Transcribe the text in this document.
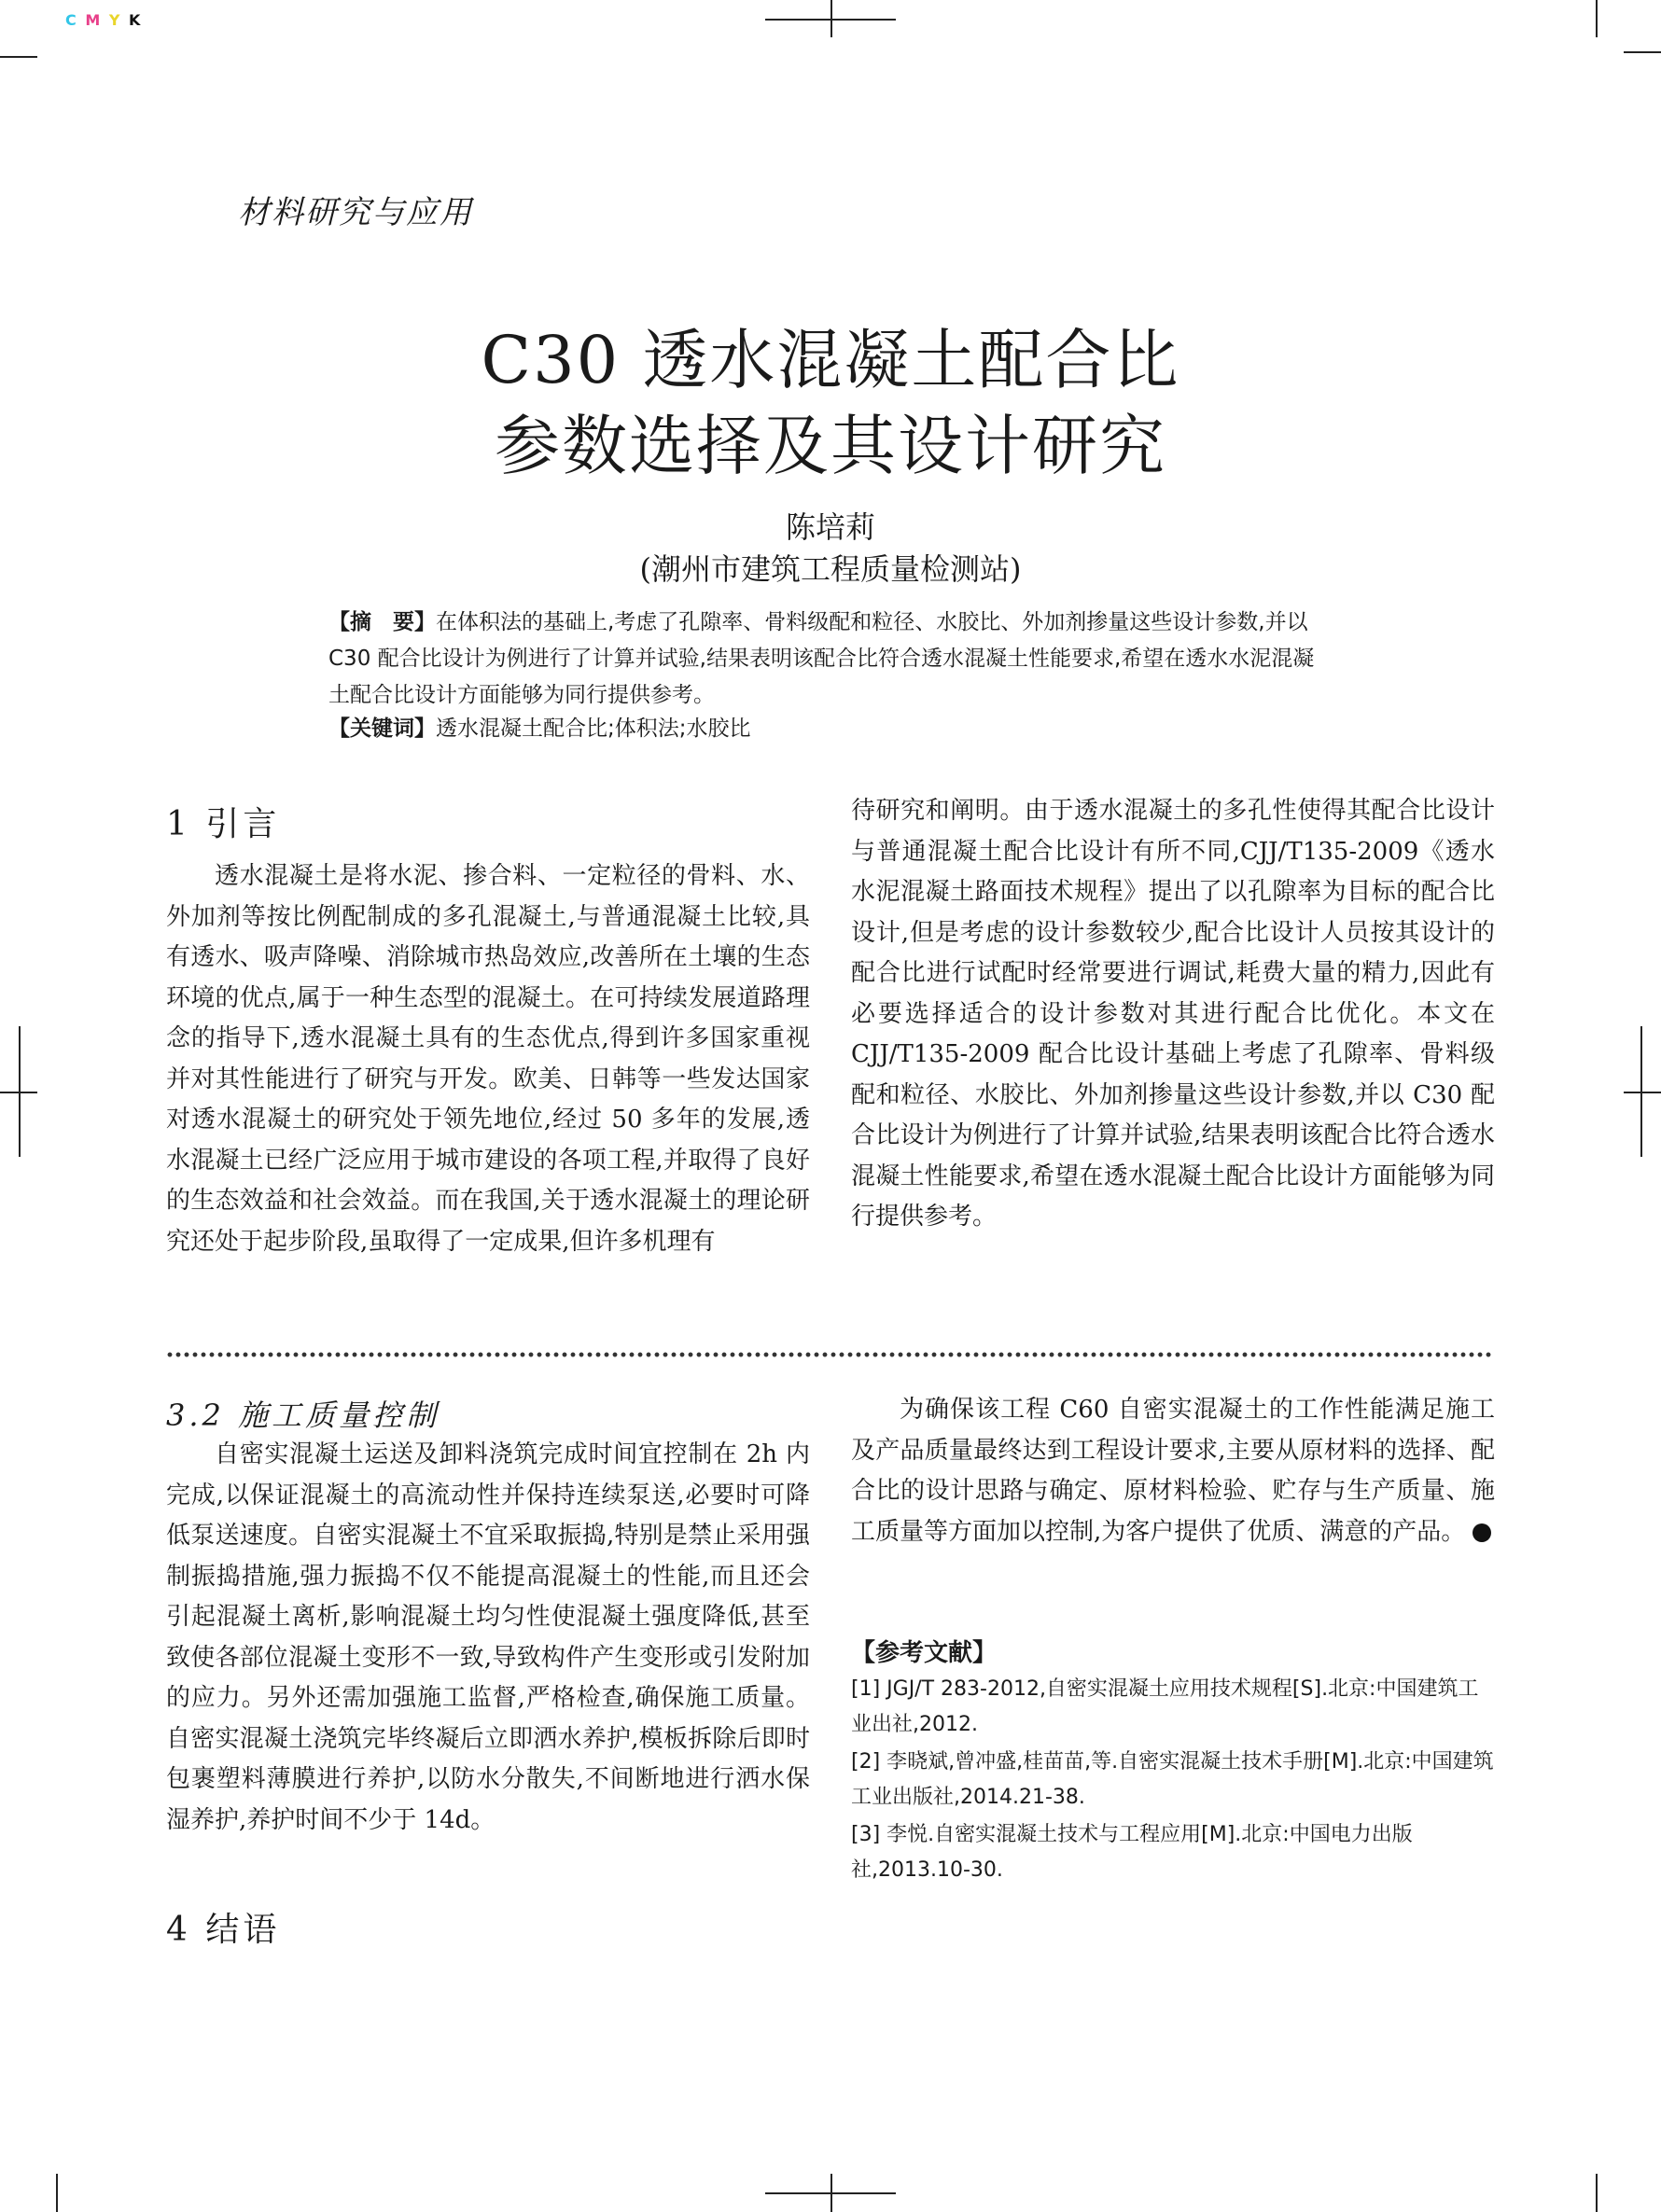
C M Y K
材料研究与应用
C30 透水混凝土配合比
参数选择及其设计研究
陈培莉
(潮州市建筑工程质量检测站)
【摘　要】在体积法的基础上,考虑了孔隙率、骨料级配和粒径、水胶比、外加剂掺量这些设计参数,并以 C30 配合比设计为例进行了计算并试验,结果表明该配合比符合透水混凝土性能要求,希望在透水水泥混凝土配合比设计方面能够为同行提供参考。
【关键词】透水混凝土配合比;体积法;水胶比
1 引言

透水混凝土是将水泥、掺合料、一定粒径的骨料、水、外加剂等按比例配制成的多孔混凝土,与普通混凝土比较,具有透水、吸声降噪、消除城市热岛效应,改善所在土壤的生态环境的优点,属于一种生态型的混凝土。在可持续发展道路理念的指导下,透水混凝土具有的生态优点,得到许多国家重视并对其性能进行了研究与开发。欧美、日韩等一些发达国家对透水混凝土的研究处于领先地位,经过 50 多年的发展,透水混凝土已经广泛应用于城市建设的各项工程,并取得了良好的生态效益和社会效益。而在我国,关于透水混凝土的理论研究还处于起步阶段,虽取得了一定成果,但许多机理有

待研究和阐明。由于透水混凝土的多孔性使得其配合比设计与普通混凝土配合比设计有所不同,CJJ/T135-2009《透水水泥混凝土路面技术规程》提出了以孔隙率为目标的配合比设计,但是考虑的设计参数较少,配合比设计人员按其设计的配合比进行试配时经常要进行调试,耗费大量的精力,因此有必要选择适合的设计参数对其进行配合比优化。本文在 CJJ/T135-2009 配合比设计基础上考虑了孔隙率、骨料级配和粒径、水胶比、外加剂掺量这些设计参数,并以 C30 配合比设计为例进行了计算并试验,结果表明该配合比符合透水混凝土性能要求,希望在透水混凝土配合比设计方面能够为同行提供参考。

3.2 施工质量控制

自密实混凝土运送及卸料浇筑完成时间宜控制在 2h 内完成,以保证混凝土的高流动性并保持连续泵送,必要时可降低泵送速度。自密实混凝土不宜采取振捣,特别是禁止采用强制振捣措施,强力振捣不仅不能提高混凝土的性能,而且还会引起混凝土离析,影响混凝土均匀性使混凝土强度降低,甚至致使各部位混凝土变形不一致,导致构件产生变形或引发附加的应力。另外还需加强施工监督,严格检查,确保施工质量。自密实混凝土浇筑完毕终凝后立即洒水养护,模板拆除后即时包裹塑料薄膜进行养护,以防水分散失,不间断地进行洒水保湿养护,养护时间不少于 14d。

4 结语

为确保该工程 C60 自密实混凝土的工作性能满足施工及产品质量最终达到工程设计要求,主要从原材料的选择、配合比的设计思路与确定、原材料检验、贮存与生产质量、施工质量等方面加以控制,为客户提供了优质、满意的产品。

【参考文献】

[1] JGJ/T 283-2012,自密实混凝土应用技术规程[S].北京:中国建筑工业出社,2012.

[2] 李晓斌,曾冲盛,桂苗苗,等.自密实混凝土技术手册[M].北京:中国建筑工业出版社,2014.21-38.

[3] 李悦.自密实混凝土技术与工程应用[M].北京:中国电力出版社,2013.10-30.
